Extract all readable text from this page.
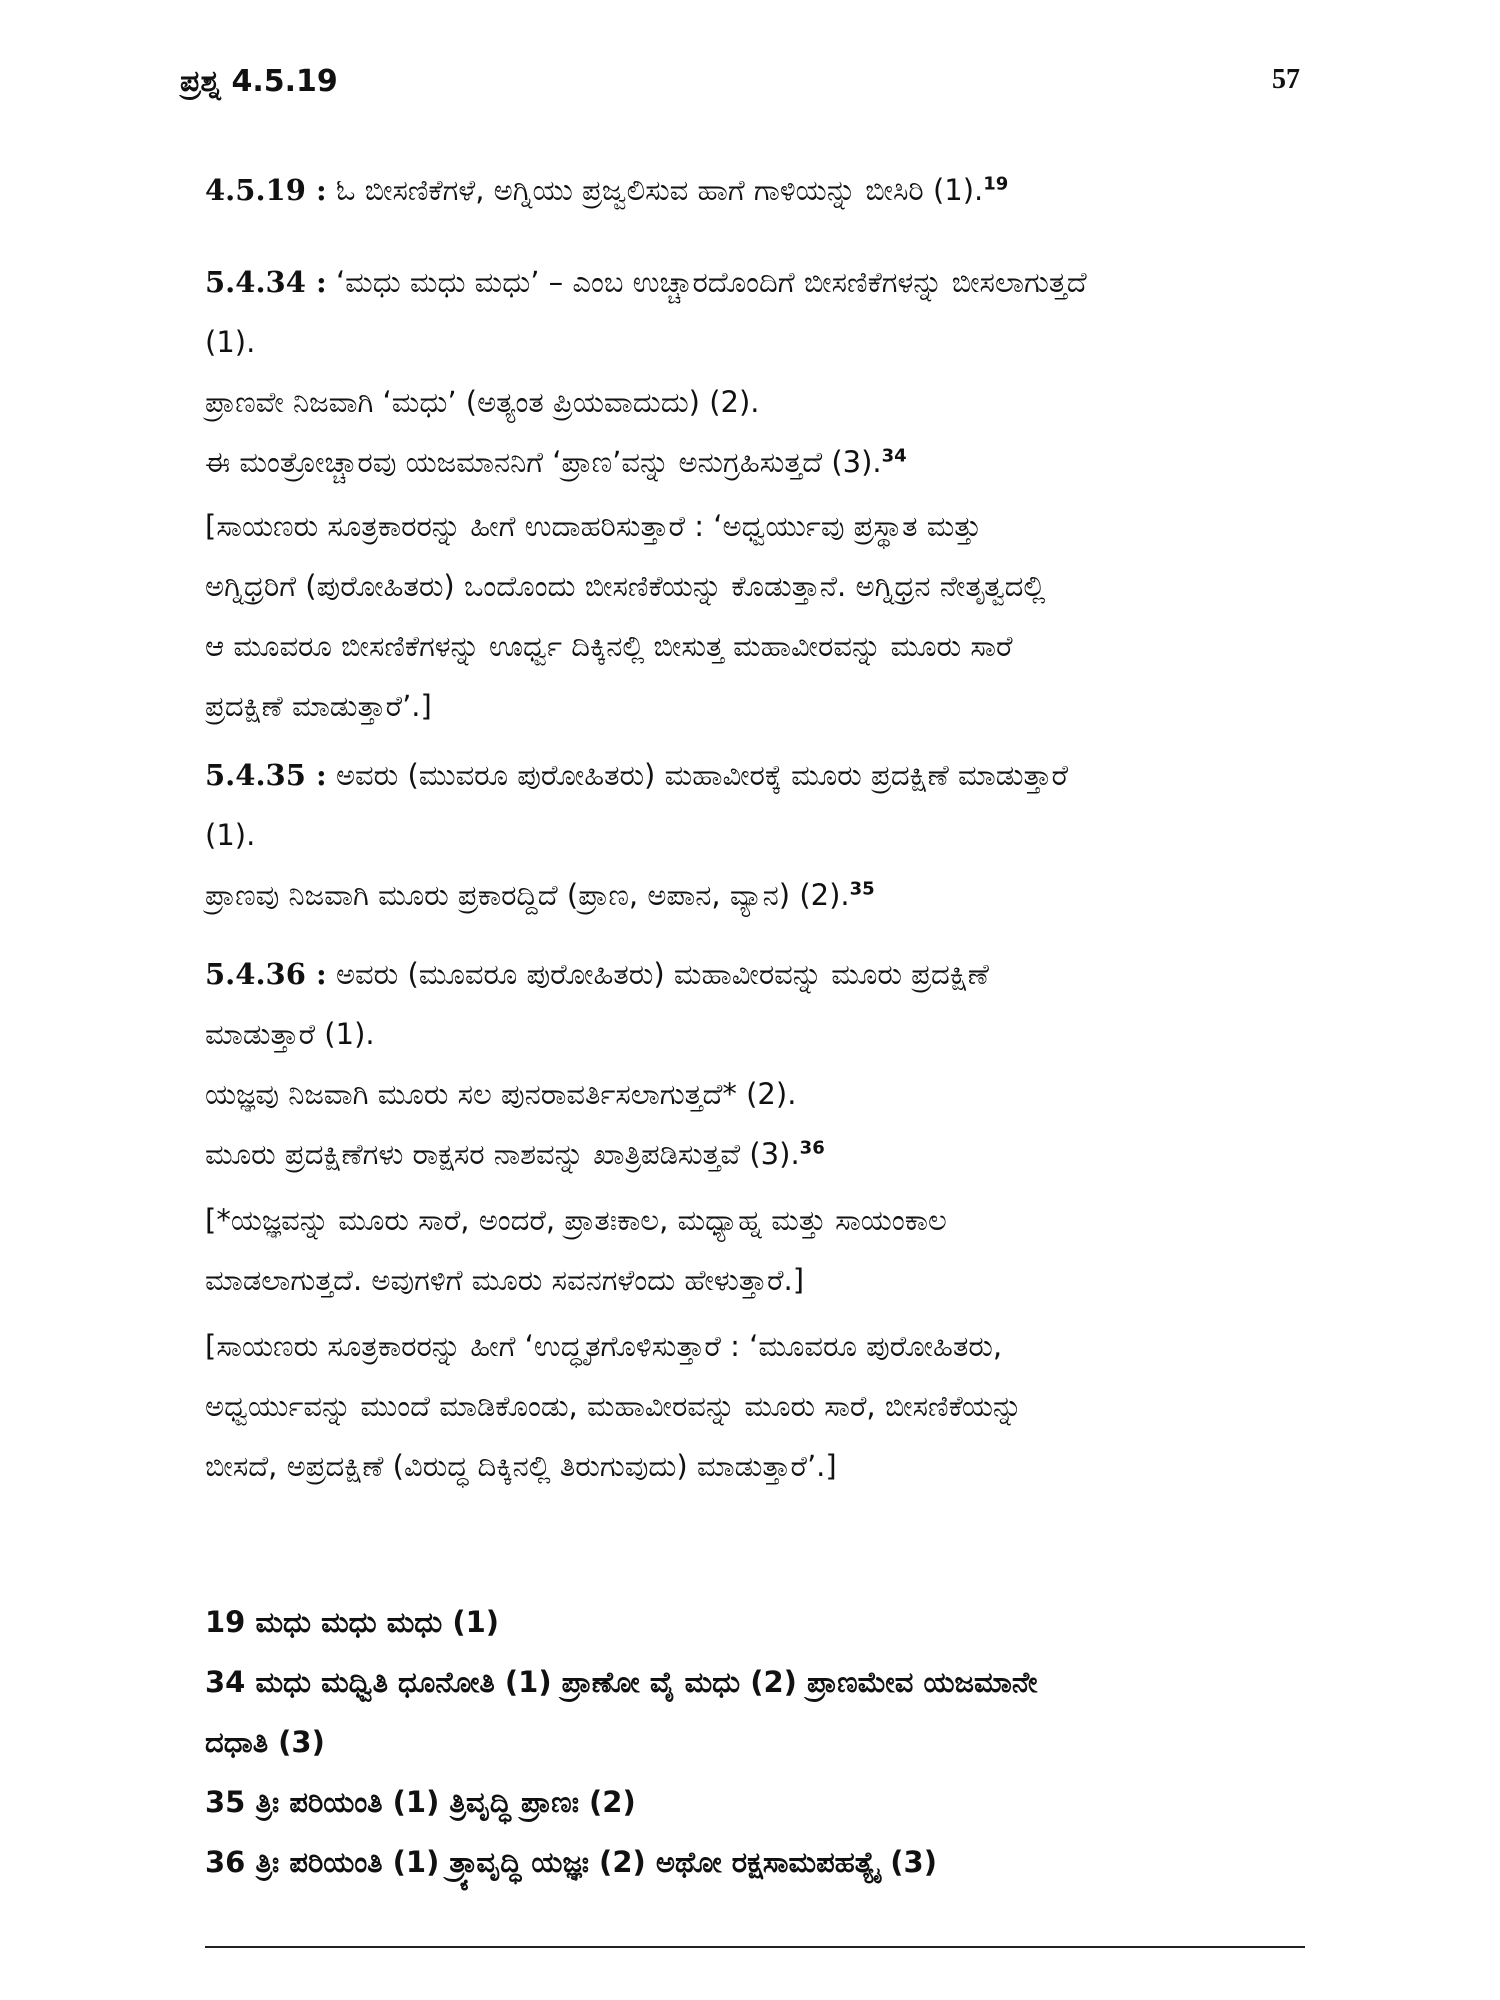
ಪ್ರಶ್ನ 4.5.19	57

4.5.19 : ಓ ಬೀಸಣಿಕೆಗಳೆ, ಅಗ್ನಿಯು ಪ್ರಜ್ವಲಿಸುವ ಹಾಗೆ ಗಾಳಿಯನ್ನು ಬೀಸಿರಿ (1).$^{19}$

5.4.34 : ‘ಮಧು ಮಧು ಮಧು’ – ಎಂಬ ಉಚ್ಚಾರದೊಂದಿಗೆ ಬೀಸಣಿಕೆಗಳನ್ನು ಬೀಸಲಾಗುತ್ತದೆ

(1).

ಪ್ರಾಣವೇ ನಿಜವಾಗಿ ‘ಮಧು’ (ಅತ್ಯಂತ ಪ್ರಿಯವಾದುದು) (2).

ಈ ಮಂತ್ರೋಚ್ಚಾರವು ಯಜಮಾನನಿಗೆ ‘ಪ್ರಾಣ’ವನ್ನು ಅನುಗ್ರಹಿಸುತ್ತದೆ (3).$^{34}$

[ಸಾಯಣರು ಸೂತ್ರಕಾರರನ್ನು ಹೀಗೆ ಉದಾಹರಿಸುತ್ತಾರೆ : ‘ಅಧ್ವರ್ಯುವು ಪ್ರಸ್ಥಾತ ಮತ್ತು

ಅಗ್ನಿಧ್ರರಿಗೆ (ಪುರೋಹಿತರು) ಒಂದೊಂದು ಬೀಸಣಿಕೆಯನ್ನು ಕೊಡುತ್ತಾನೆ. ಅಗ್ನಿಧ್ರನ ನೇತೃತ್ವದಲ್ಲಿ

ಆ ಮೂವರೂ ಬೀಸಣಿಕೆಗಳನ್ನು ಊರ್ಧ್ವ ದಿಕ್ಕಿನಲ್ಲಿ ಬೀಸುತ್ತ ಮಹಾವೀರವನ್ನು ಮೂರು ಸಾರೆ

ಪ್ರದಕ್ಷಿಣೆ ಮಾಡುತ್ತಾರೆ’.]

5.4.35 : ಅವರು (ಮುವರೂ ಪುರೋಹಿತರು) ಮಹಾವೀರಕ್ಕೆ ಮೂರು ಪ್ರದಕ್ಷಿಣೆ ಮಾಡುತ್ತಾರೆ

(1).

ಪ್ರಾಣವು ನಿಜವಾಗಿ ಮೂರು ಪ್ರಕಾರದ್ದಿದೆ (ಪ್ರಾಣ, ಅಪಾನ, ವ್ಯಾನ) (2).$^{35}$

5.4.36 : ಅವರು (ಮೂವರೂ ಪುರೋಹಿತರು) ಮಹಾವೀರವನ್ನು ಮೂರು ಪ್ರದಕ್ಷಿಣೆ

ಮಾಡುತ್ತಾರೆ (1).

ಯಜ್ಞವು ನಿಜವಾಗಿ ಮೂರು ಸಲ ಪುನರಾವರ್ತಿಸಲಾಗುತ್ತದೆ* (2).

ಮೂರು ಪ್ರದಕ್ಷಿಣೆಗಳು ರಾಕ್ಷಸರ ನಾಶವನ್ನು ಖಾತ್ರಿಪಡಿಸುತ್ತವೆ (3).$^{36}$

[*ಯಜ್ಞವನ್ನು ಮೂರು ಸಾರೆ, ಅಂದರೆ, ಪ್ರಾತಃಕಾಲ, ಮಧ್ಯಾಹ್ನ ಮತ್ತು ಸಾಯಂಕಾಲ

ಮಾಡಲಾಗುತ್ತದೆ. ಅವುಗಳಿಗೆ ಮೂರು ಸವನಗಳೆಂದು ಹೇಳುತ್ತಾರೆ.]

[ಸಾಯಣರು ಸೂತ್ರಕಾರರನ್ನು ಹೀಗೆ ‘ಉದ್ಧೃತಗೊಳಿಸುತ್ತಾರೆ : ‘ಮೂವರೂ ಪುರೋಹಿತರು,

ಅಧ್ವರ್ಯುವನ್ನು ಮುಂದೆ ಮಾಡಿಕೊಂಡು, ಮಹಾವೀರವನ್ನು ಮೂರು ಸಾರೆ, ಬೀಸಣಿಕೆಯನ್ನು

ಬೀಸದೆ, ಅಪ್ರದಕ್ಷಿಣೆ (ವಿರುದ್ಧ ದಿಕ್ಕಿನಲ್ಲಿ ತಿರುಗುವುದು) ಮಾಡುತ್ತಾರೆ’.]

19 ಮಧು ಮಧು ಮಧು (1)

34 ಮಧು ಮಧ್ವಿತಿ ಧೂನೋತಿ (1) ಪ್ರಾಣೋ ವೈ ಮಧು (2) ಪ್ರಾಣಮೇವ ಯಜಮಾನೇ

ದಧಾತಿ (3)

35 ತ್ರಿಃ ಪರಿಯಂತಿ (1) ತ್ರಿವೃದ್ಧಿ ಪ್ರಾಣಃ (2)

36 ತ್ರಿಃ ಪರಿಯಂತಿ (1) ತ್ರ್ಯಾವೃದ್ಧಿ ಯಜ್ಞಃ (2) ಅಥೋ ರಕ್ಷಸಾಮಪಹತ್ಯೈ (3)
